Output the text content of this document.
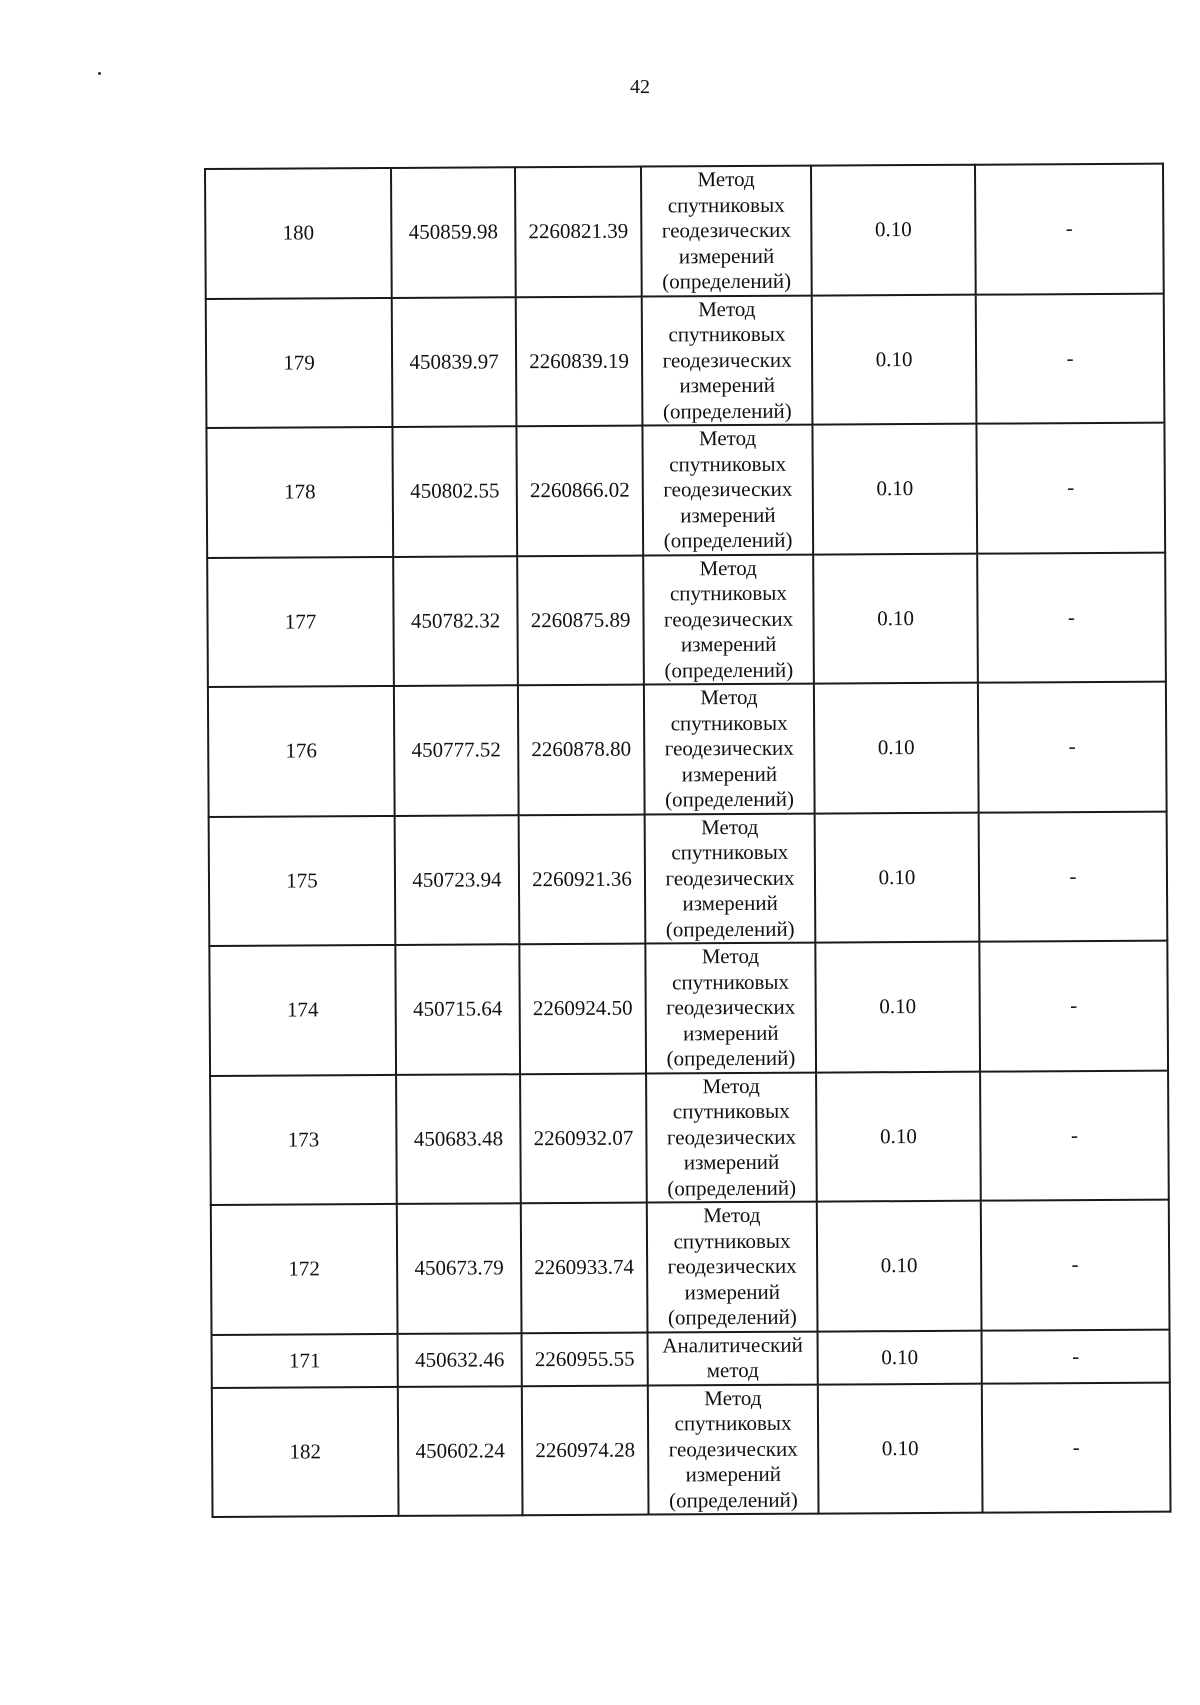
42
180	450859.98	2260821.39	Метод
спутниковых
геодезических
измерений
(определений)	0.10	-
179	450839.97	2260839.19	Метод
спутниковых
геодезических
измерений
(определений)	0.10	-
178	450802.55	2260866.02	Метод
спутниковых
геодезических
измерений
(определений)	0.10	-
177	450782.32	2260875.89	Метод
спутниковых
геодезических
измерений
(определений)	0.10	-
176	450777.52	2260878.80	Метод
спутниковых
геодезических
измерений
(определений)	0.10	-
175	450723.94	2260921.36	Метод
спутниковых
геодезических
измерений
(определений)	0.10	-
174	450715.64	2260924.50	Метод
спутниковых
геодезических
измерений
(определений)	0.10	-
173	450683.48	2260932.07	Метод
спутниковых
геодезических
измерений
(определений)	0.10	-
172	450673.79	2260933.74	Метод
спутниковых
геодезических
измерений
(определений)	0.10	-
171	450632.46	2260955.55	Аналитический
метод	0.10	-
182	450602.24	2260974.28	Метод
спутниковых
геодезических
измерений
(определений)	0.10	-
